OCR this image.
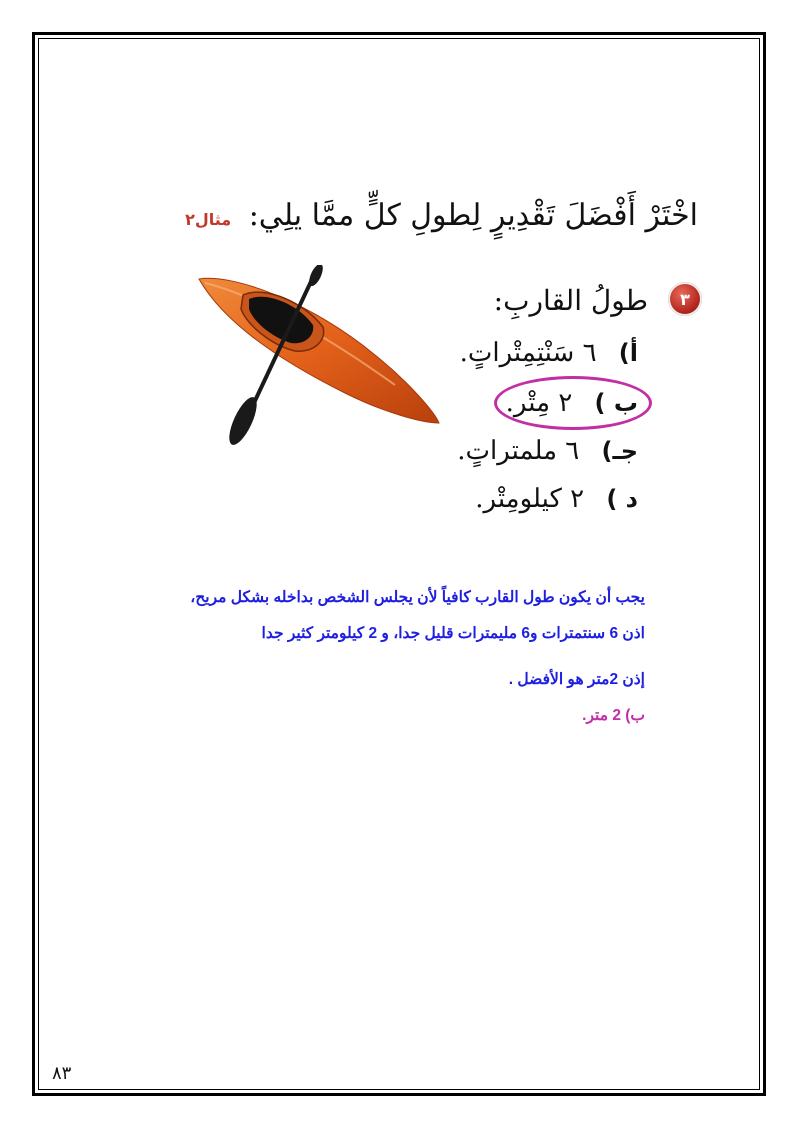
اخْتَرْ أَفْضَلَ تَقْدِيرٍ لِطولِ كلٍّ ممَّا يلِي: مثال٢
٣
طولُ القاربِ:
أ) ٦ سَنْتِمِتْراتٍ.
ب ) ٢ مِتْر.
جـ) ٦ ملمتراتٍ.
د ) ٢ كيلومِتْر.
يجب أن يكون طول القارب كافياً لأن يجلس الشخص بداخله بشكل مريح،
اذن 6 سنتمترات و6 مليمترات قليل جدا، و 2 كيلومتر كثير جدا
إذن 2متر هو الأفضل .
ب) 2 متر.
٨٣
